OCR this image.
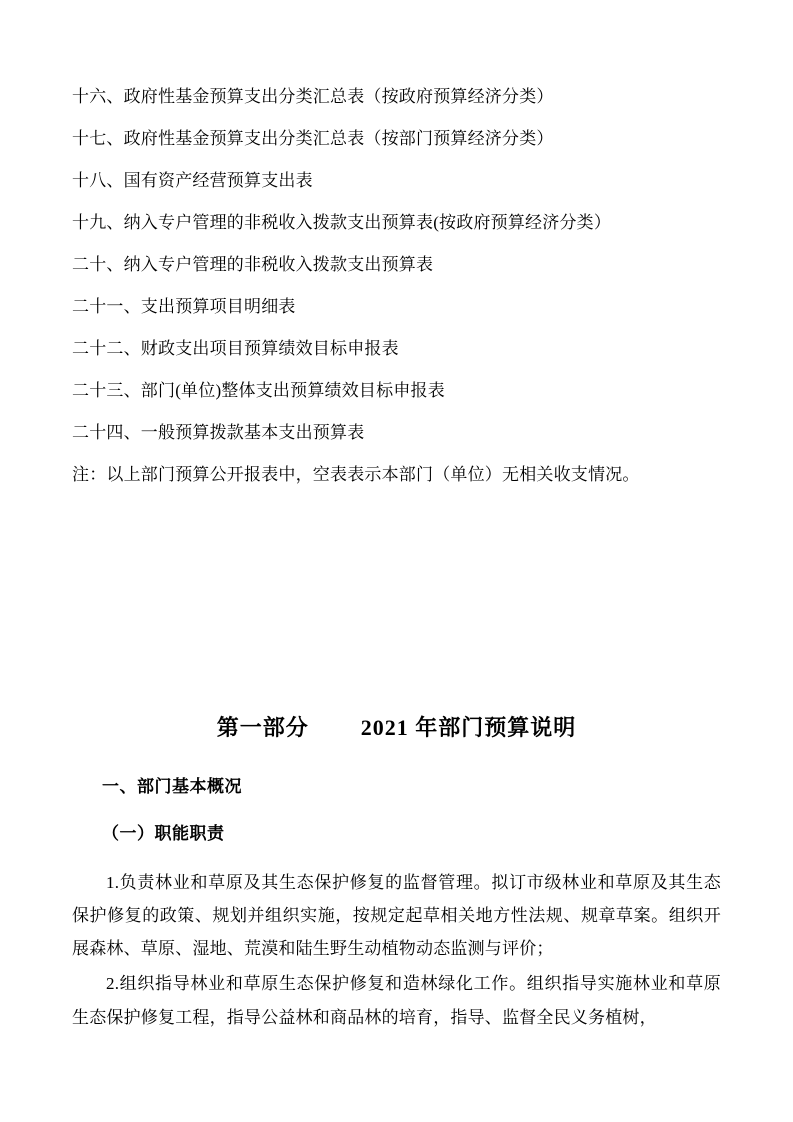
十六、政府性基金预算支出分类汇总表（按政府预算经济分类）
十七、政府性基金预算支出分类汇总表（按部门预算经济分类）
十八、国有资产经营预算支出表
十九、纳入专户管理的非税收入拨款支出预算表(按政府预算经济分类）
二十、纳入专户管理的非税收入拨款支出预算表
二十一、支出预算项目明细表
二十二、财政支出项目预算绩效目标申报表
二十三、部门(单位)整体支出预算绩效目标申报表
二十四、一般预算拨款基本支出预算表

注：以上部门预算公开报表中，空表表示本部门（单位）无相关收支情况。

第一部分 2021 年部门预算说明
一、部门基本概况
（一）职能职责

1.负责林业和草原及其生态保护修复的监督管理。拟订市级林业和草原及其生态保护修复的政策、规划并组织实施，按规定起草相关地方性法规、规章草案。组织开展森林、草原、湿地、荒漠和陆生野生动植物动态监测与评价；

2.组织指导林业和草原生态保护修复和造林绿化工作。组织指导实施林业和草原生态保护修复工程，指导公益林和商品林的培育，指导、监督全民义务植树，
